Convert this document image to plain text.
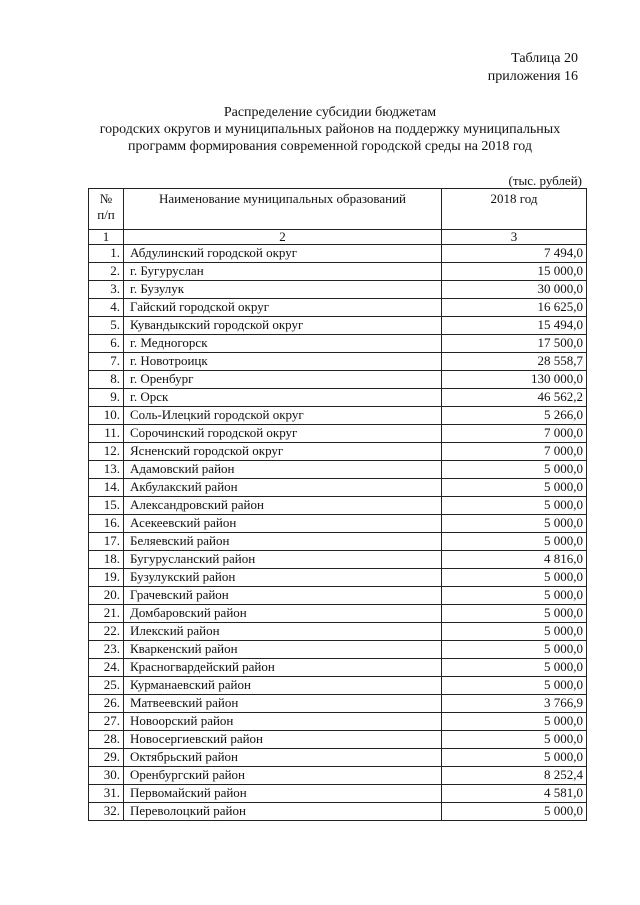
Таблица 20
приложения 16
Распределение субсидии бюджетам
городских округов и муниципальных районов на поддержку муниципальных
программ формирования современной городской среды на 2018 год
(тыс. рублей)
№
п/п	Наименование муниципальных образований	2018 год
1	2	3
1.	Абдулинский городской округ	7 494,0
2.	г. Бугуруслан	15 000,0
3.	г. Бузулук	30 000,0
4.	Гайский городской округ	16 625,0
5.	Кувандыкский городской округ	15 494,0
6.	г. Медногорск	17 500,0
7.	г. Новотроицк	28 558,7
8.	г. Оренбург	130 000,0
9.	г. Орск	46 562,2
10.	Соль-Илецкий городской округ	5 266,0
11.	Сорочинский городской округ	7 000,0
12.	Ясненский городской округ	7 000,0
13.	Адамовский район	5 000,0
14.	Акбулакский район	5 000,0
15.	Александровский район	5 000,0
16.	Асекеевский район	5 000,0
17.	Беляевский район	5 000,0
18.	Бугурусланский район	4 816,0
19.	Бузулукский район	5 000,0
20.	Грачевский район	5 000,0
21.	Домбаровский район	5 000,0
22.	Илекский район	5 000,0
23.	Кваркенский район	5 000,0
24.	Красногвардейский район	5 000,0
25.	Курманаевский район	5 000,0
26.	Матвеевский район	3 766,9
27.	Новоорский район	5 000,0
28.	Новосергиевский район	5 000,0
29.	Октябрьский район	5 000,0
30.	Оренбургский район	8 252,4
31.	Первомайский район	4 581,0
32.	Переволоцкий район	5 000,0
